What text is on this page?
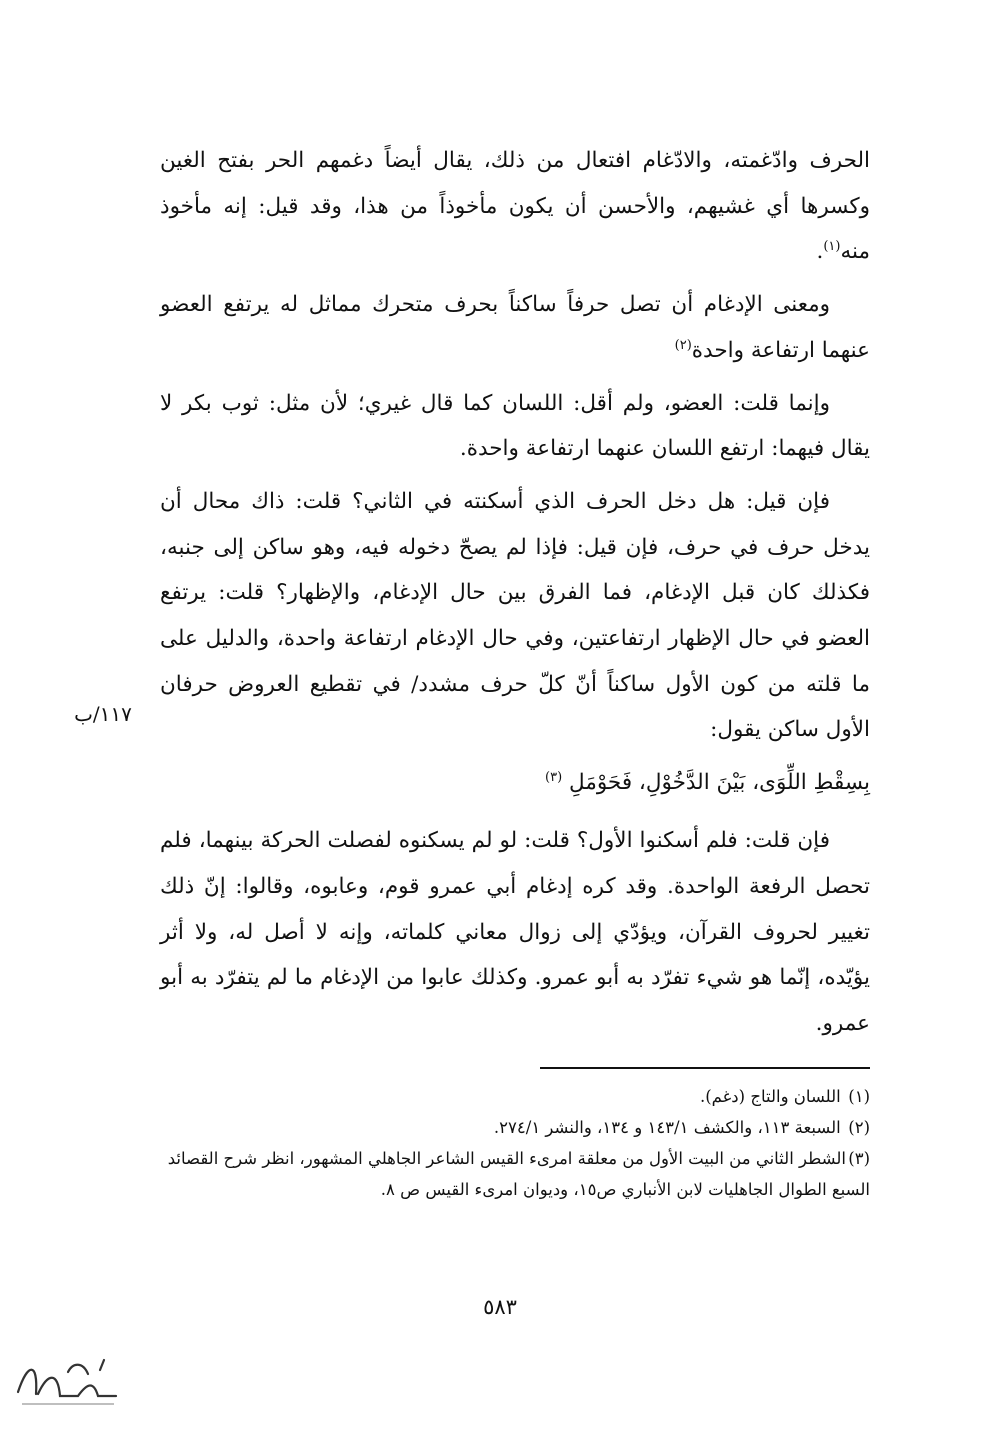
الحرف وادّغمته، والادّغام افتعال من ذلك، يقال أيضاً دغمهم الحر بفتح الغين وكسرها أي غشيهم، والأحسن أن يكون مأخوذاً من هذا، وقد قيل: إنه مأخوذ منه$^{(١)}$.

ومعنى الإدغام أن تصل حرفاً ساكناً بحرف متحرك مماثل له يرتفع العضو عنهما ارتفاعة واحدة$^{(٢)}$

وإنما قلت: العضو، ولم أقل: اللسان كما قال غيري؛ لأن مثل: ثوب بكر لا يقال فيهما: ارتفع اللسان عنهما ارتفاعة واحدة.

فإن قيل: هل دخل الحرف الذي أسكنته في الثاني؟ قلت: ذاك محال أن يدخل حرف في حرف، فإن قيل: فإذا لم يصحّ دخوله فيه، وهو ساكن إلى جنبه، فكذلك كان قبل الإدغام، فما الفرق بين حال الإدغام، والإظهار؟ قلت: يرتفع العضو في حال الإظهار ارتفاعتين، وفي حال الإدغام ارتفاعة واحدة، والدليل على ما قلته من كون الأول ساكناً أنّ كلّ حرف مشدد/ في تقطيع العروض حرفان الأول ساكن يقول:

بِسِقْطِ اللِّوَى، بَيْنَ الدَّخُوْلِ، فَحَوْمَلِ $^{(٣)}$

فإن قلت: فلم أسكنوا الأول؟ قلت: لو لم يسكنوه لفصلت الحركة بينهما، فلم تحصل الرفعة الواحدة. وقد كره إدغام أبي عمرو قوم، وعابوه، وقالوا: إنّ ذلك تغيير لحروف القرآن، ويؤدّي إلى زوال معاني كلماته، وإنه لا أصل له، ولا أثر يؤيّده، إنّما هو شيء تفرّد به أبو عمرو. وكذلك عابوا من الإدغام ما لم يتفرّد به أبو عمرو.

(١) اللسان والتاج (دغم).

(٢) السبعة ١١٣، والكشف ١٤٣/١ و ١٣٤، والنشر ٢٧٤/١.

(٣)الشطر الثاني من البيت الأول من معلقة امرىء القيس الشاعر الجاهلي المشهور، انظر شرح القصائد السبع الطوال الجاهليات لابن الأنباري ص١٥، وديوان امرىء القيس ص ٨.

١١٧/ب
٥٨٣
